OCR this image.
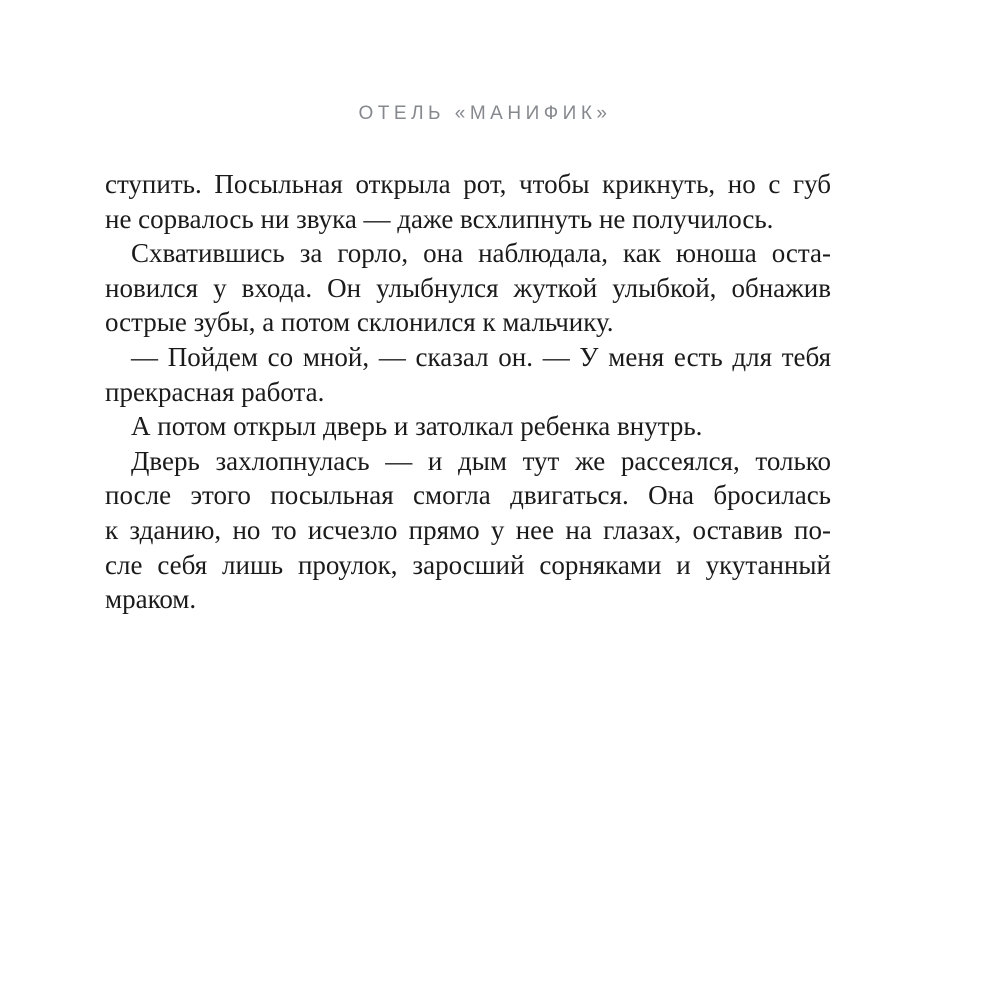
ОТЕЛЬ «МАНИФИК»
ступить. Посыльная открыла рот, чтобы крикнуть, но с губ
не сорвалось ни звука — даже всхлипнуть не получилось.
Схватившись за горло, она наблюдала, как юноша оста-
новился у входа. Он улыбнулся жуткой улыбкой, обнажив
острые зубы, а потом склонился к мальчику.
— Пойдем со мной, — сказал он. — У меня есть для тебя
прекрасная работа.
А потом открыл дверь и затолкал ребенка внутрь.
Дверь захлопнулась — и дым тут же рассеялся, только
после этого посыльная смогла двигаться. Она бросилась
к зданию, но то исчезло прямо у нее на глазах, оставив по-
сле себя лишь проулок, заросший сорняками и укутанный
мраком.
